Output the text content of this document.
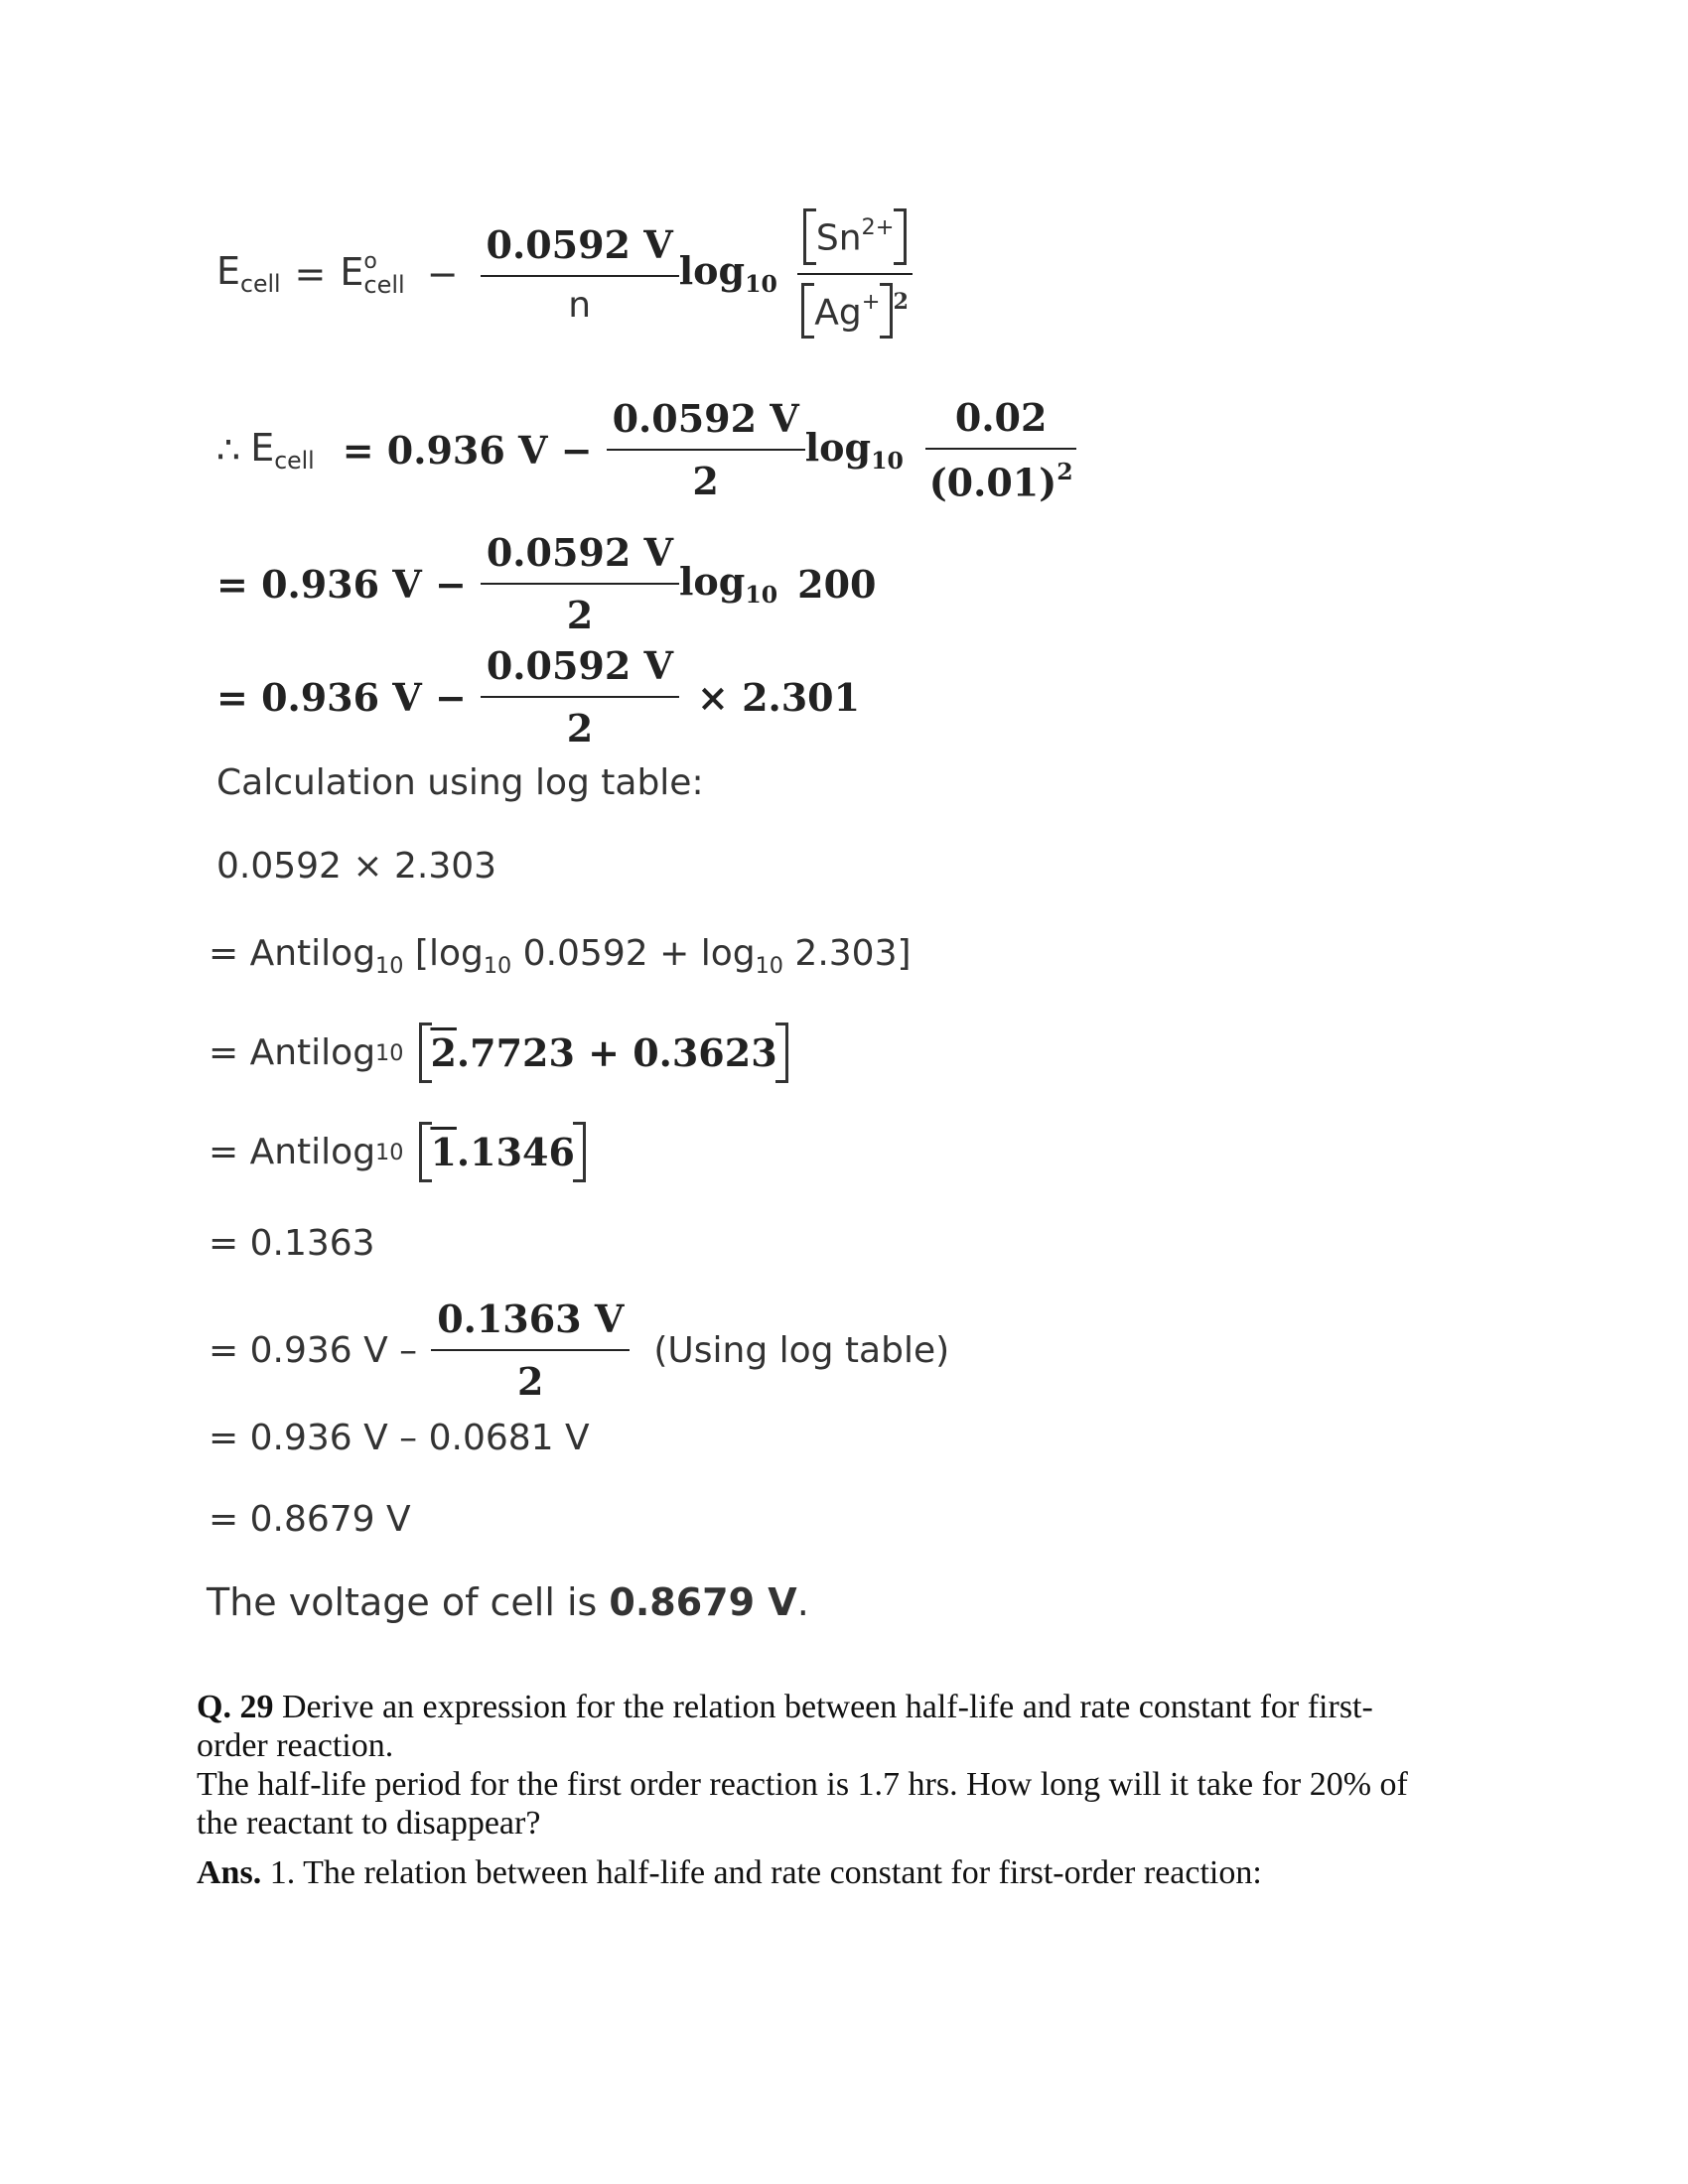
$E_{cell} = E$ o
cell − $\frac{0.0592 V}{n} \log_{10} \frac{Sn^{2+}}{Ag^+ ^2}$
∴ $E_{cell} = 0.936$ $V - \frac{0.0592 V}{2} \log_{10} \frac{0.02}{(0.01)^2}$
= 0.936 $V - \frac{0.0592 V}{2} \log_{10} 200$
= 0.936 $V - \frac{0.0592 V}{2} \times 2.301$
Calculation using log table:
0.0592 × 2.303
= Antilog$_{10}$ [$\log_{10}$ $0.0592 + \log_{10} 2.303$]
= Antilog 10 2.7723 + 0.3623
= Antilog 10 1.1346
= 0.1363
= 0.936 V – $\frac{0.1363 V}{2} (Using$ log table)
= 0.936 V – 0.0681 V
= 0.8679 V
The voltage of cell is 0.8679 V.
Q. 29 Derive an expression for the relation between half-life and rate constant for first-
order reaction.
The half-life period for the first order reaction is 1.7 hrs. How long will it take for 20% of
the reactant to disappear?
Ans. 1. The relation between half-life and rate constant for first-order reaction:
